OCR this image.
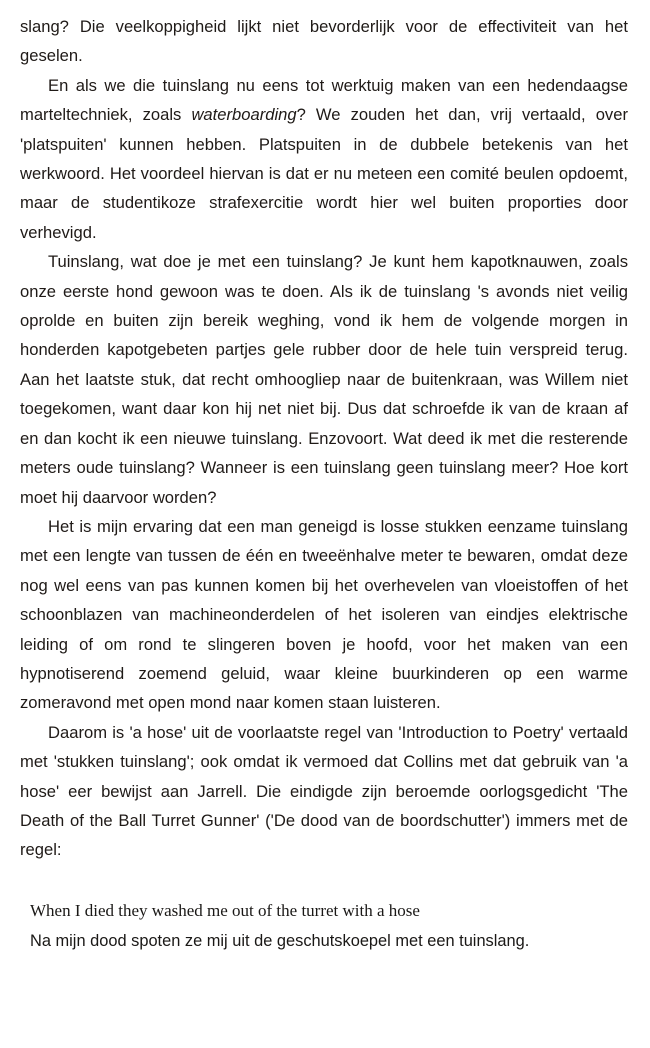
slang? Die veelkoppigheid lijkt niet bevorderlijk voor de effectiviteit van het geselen.

En als we die tuinslang nu eens tot werktuig maken van een hedendaagse marteltechniek, zoals waterboarding? We zouden het dan, vrij vertaald, over 'platspuiten' kunnen hebben. Platspuiten in de dubbele betekenis van het werkwoord. Het voordeel hiervan is dat er nu meteen een comité beulen opdoemt, maar de studentikoze strafexercitie wordt hier wel buiten proporties door verhevigd.

Tuinslang, wat doe je met een tuinslang? Je kunt hem kapotknauwen, zoals onze eerste hond gewoon was te doen. Als ik de tuinslang 's avonds niet veilig oprolde en buiten zijn bereik weghing, vond ik hem de volgende morgen in honderden kapotgebeten partjes gele rubber door de hele tuin verspreid terug. Aan het laatste stuk, dat recht omhoogliep naar de buitenkraan, was Willem niet toegekomen, want daar kon hij net niet bij. Dus dat schroefde ik van de kraan af en dan kocht ik een nieuwe tuinslang. Enzovoort. Wat deed ik met die resterende meters oude tuinslang? Wanneer is een tuinslang geen tuinslang meer? Hoe kort moet hij daarvoor worden?

Het is mijn ervaring dat een man geneigd is losse stukken eenzame tuinslang met een lengte van tussen de één en tweeënhalve meter te bewaren, omdat deze nog wel eens van pas kunnen komen bij het overhevelen van vloeistoffen of het schoonblazen van machineonderdelen of het isoleren van eindjes elektrische leiding of om rond te slingeren boven je hoofd, voor het maken van een hypnotiserend zoemend geluid, waar kleine buurkinderen op een warme zomeravond met open mond naar komen staan luisteren.

Daarom is 'a hose' uit de voorlaatste regel van 'Introduction to Poetry' vertaald met 'stukken tuinslang'; ook omdat ik vermoed dat Collins met dat gebruik van 'a hose' eer bewijst aan Jarrell. Die eindigde zijn beroemde oorlogsgedicht 'The Death of the Ball Turret Gunner' ('De dood van de boordschutter') immers met de regel:

When I died they washed me out of the turret with a hose
Na mijn dood spoten ze mij uit de geschutskoepel met een tuinslang.
